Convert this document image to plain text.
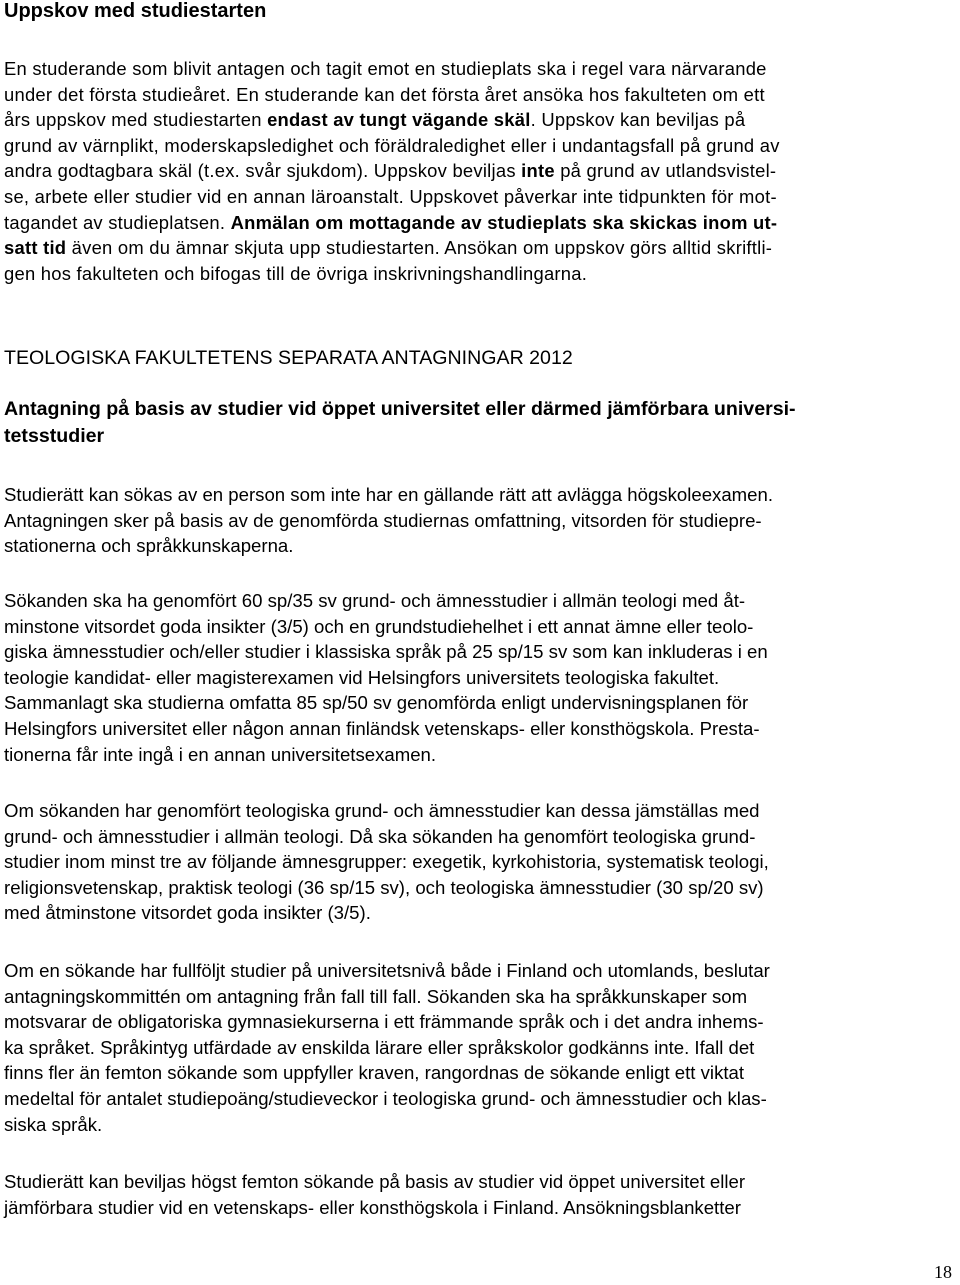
Uppskov med studiestarten

En studerande som blivit antagen och tagit emot en studieplats ska i regel vara närvarande
under det första studieåret. En studerande kan det första året ansöka hos fakulteten om ett
års uppskov med studiestarten endast av tungt vägande skäl. Uppskov kan beviljas på
grund av värnplikt, moderskapsledighet och föräldraledighet eller i undantagsfall på grund av
andra godtagbara skäl (t.ex. svår sjukdom). Uppskov beviljas inte på grund av utlandsvistel-
se, arbete eller studier vid en annan läroanstalt. Uppskovet påverkar inte tidpunkten för mot-
tagandet av studieplatsen. Anmälan om mottagande av studieplats ska skickas inom ut-
satt tid även om du ämnar skjuta upp studiestarten. Ansökan om uppskov görs alltid skriftli-
gen hos fakulteten och bifogas till de övriga inskrivningshandlingarna.

TEOLOGISKA FAKULTETENS SEPARATA ANTAGNINGAR 2012
Antagning på basis av studier vid öppet universitet eller därmed jämförbara universi-
tetsstudier

Studierätt kan sökas av en person som inte har en gällande rätt att avlägga högskoleexamen.
Antagningen sker på basis av de genomförda studiernas omfattning, vitsorden för studiepre-
stationerna och språkkunskaperna.

Sökanden ska ha genomfört 60 sp/35 sv grund- och ämnesstudier i allmän teologi med åt-
minstone vitsordet goda insikter (3/5) och en grundstudiehelhet i ett annat ämne eller teolo-
giska ämnesstudier och/eller studier i klassiska språk på 25 sp/15 sv som kan inkluderas i en
teologie kandidat- eller magisterexamen vid Helsingfors universitets teologiska fakultet.
Sammanlagt ska studierna omfatta 85 sp/50 sv genomförda enligt undervisningsplanen för
Helsingfors universitet eller någon annan finländsk vetenskaps- eller konsthögskola. Presta-
tionerna får inte ingå i en annan universitetsexamen.

Om sökanden har genomfört teologiska grund- och ämnesstudier kan dessa jämställas med
grund- och ämnesstudier i allmän teologi. Då ska sökanden ha genomfört teologiska grund-
studier inom minst tre av följande ämnesgrupper: exegetik, kyrkohistoria, systematisk teologi,
religionsvetenskap, praktisk teologi (36 sp/15 sv), och teologiska ämnesstudier (30 sp/20 sv)
med åtminstone vitsordet goda insikter (3/5).

Om en sökande har fullföljt studier på universitetsnivå både i Finland och utomlands, beslutar
antagningskommittén om antagning från fall till fall. Sökanden ska ha språkkunskaper som
motsvarar de obligatoriska gymnasiekurserna i ett främmande språk och i det andra inhems-
ka språket. Språkintyg utfärdade av enskilda lärare eller språkskolor godkänns inte. Ifall det
finns fler än femton sökande som uppfyller kraven, rangordnas de sökande enligt ett viktat
medeltal för antalet studiepoäng/studieveckor i teologiska grund- och ämnesstudier och klas-
siska språk.

Studierätt kan beviljas högst femton sökande på basis av studier vid öppet universitet eller
jämförbara studier vid en vetenskaps- eller konsthögskola i Finland. Ansökningsblanketter

18
